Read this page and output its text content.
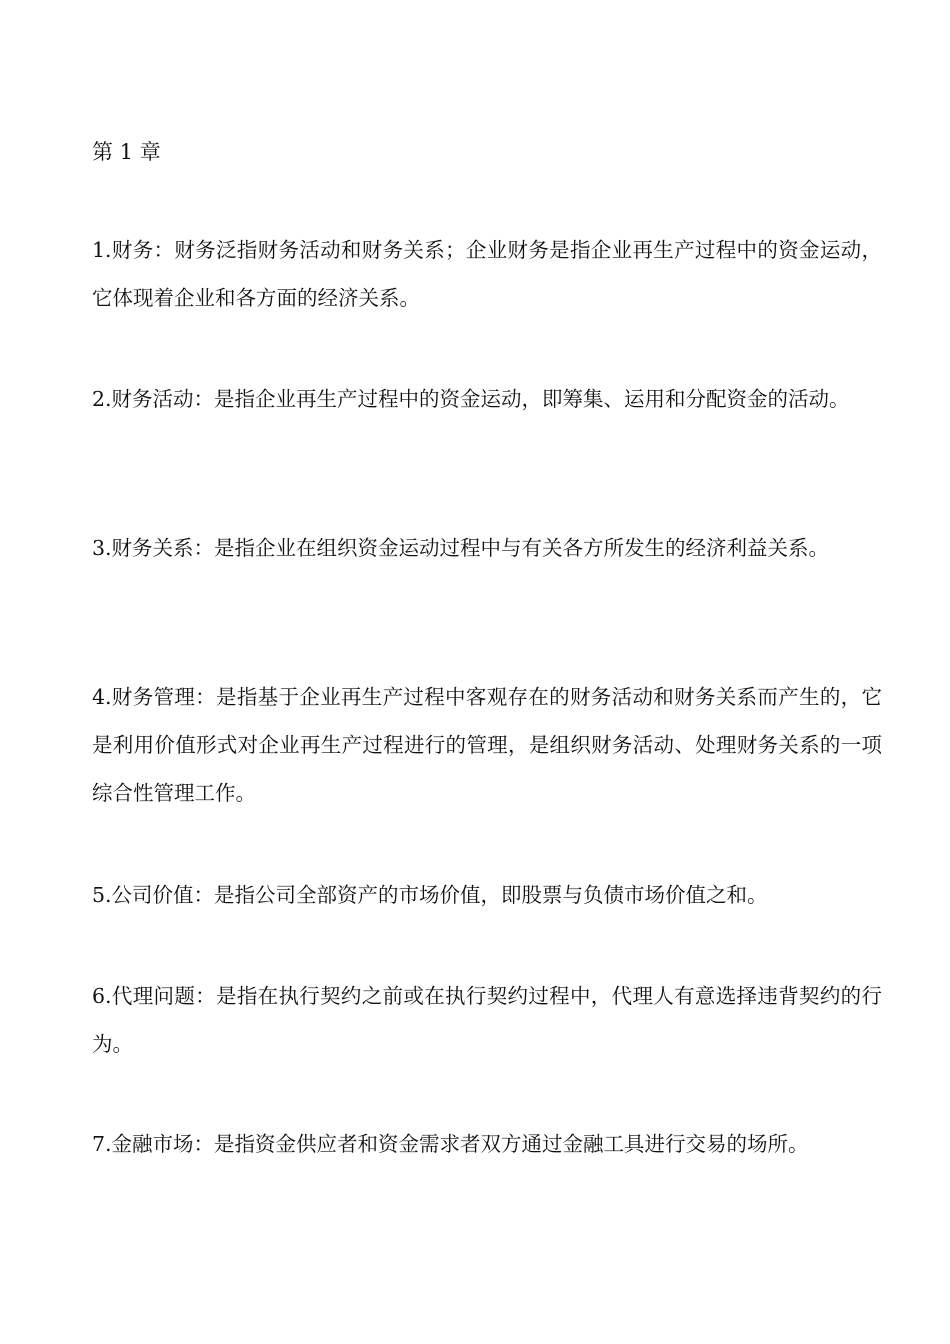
第 1 章

1.财务：财务泛指财务活动和财务关系；企业财务是指企业再生产过程中的资金运动，它体现着企业和各方面的经济关系。

2.财务活动：是指企业再生产过程中的资金运动，即筹集、运用和分配资金的活动。

3.财务关系：是指企业在组织资金运动过程中与有关各方所发生的经济利益关系。

4.财务管理：是指基于企业再生产过程中客观存在的财务活动和财务关系而产生的，它是利用价值形式对企业再生产过程进行的管理，是组织财务活动、处理财务关系的一项综合性管理工作。

5.公司价值：是指公司全部资产的市场价值，即股票与负债市场价值之和。

6.代理问题：是指在执行契约之前或在执行契约过程中，代理人有意选择违背契约的行为。

7.金融市场：是指资金供应者和资金需求者双方通过金融工具进行交易的场所。
